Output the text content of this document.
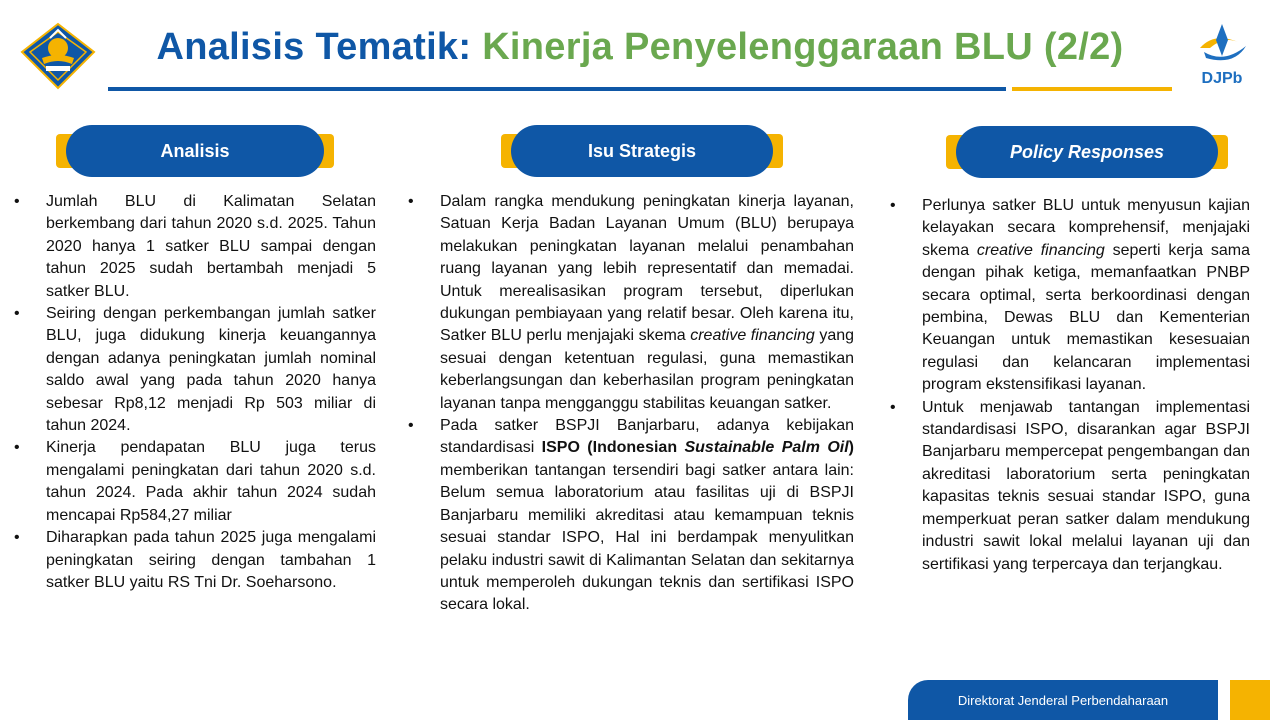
Analisis Tematik: Kinerja Penyelenggaraan BLU (2/2)
DJPb
Analisis	Isu Strategis	Policy Responses
• Jumlah BLU di Kalimatan Selatan berkembang dari tahun 2020 s.d. 2025. Tahun 2020 hanya 1 satker BLU sampai dengan tahun 2025 sudah bertambah menjadi 5 satker BLU.
• Seiring dengan perkembangan jumlah satker BLU, juga didukung kinerja keuangannya dengan adanya peningkatan jumlah nominal saldo awal yang pada tahun 2020 hanya sebesar Rp8,12 menjadi Rp 503 miliar di tahun 2024.
• Kinerja pendapatan BLU juga terus mengalami peningkatan dari tahun 2020 s.d. tahun 2024. Pada akhir tahun 2024 sudah mencapai Rp584,27 miliar
• Diharapkan pada tahun 2025 juga mengalami peningkatan seiring dengan tambahan 1 satker BLU yaitu RS Tni Dr. Soeharsono.
• Dalam rangka mendukung peningkatan kinerja layanan, Satuan Kerja Badan Layanan Umum (BLU) berupaya melakukan peningkatan layanan melalui penambahan ruang layanan yang lebih representatif dan memadai. Untuk merealisasikan program tersebut, diperlukan dukungan pembiayaan yang relatif besar. Oleh karena itu, Satker BLU perlu menjajaki skema creative financing yang sesuai dengan ketentuan regulasi, guna memastikan keberlangsungan dan keberhasilan program peningkatan layanan tanpa mengganggu stabilitas keuangan satker.
• Pada satker BSPJI Banjarbaru, adanya kebijakan standardisasi ISPO (Indonesian Sustainable Palm Oil) memberikan tantangan tersendiri bagi satker antara lain: Belum semua laboratorium atau fasilitas uji di BSPJI Banjarbaru memiliki akreditasi atau kemampuan teknis sesuai standar ISPO, Hal ini berdampak menyulitkan pelaku industri sawit di Kalimantan Selatan dan sekitarnya untuk memperoleh dukungan teknis dan sertifikasi ISPO secara lokal.
• Perlunya satker BLU untuk menyusun kajian kelayakan secara komprehensif, menjajaki skema creative financing seperti kerja sama dengan pihak ketiga, memanfaatkan PNBP secara optimal, serta berkoordinasi dengan pembina, Dewas BLU dan Kementerian Keuangan untuk memastikan kesesuaian regulasi dan kelancaran implementasi program ekstensifikasi layanan.
• Untuk menjawab tantangan implementasi standardisasi ISPO, disarankan agar BSPJI Banjarbaru mempercepat pengembangan dan akreditasi laboratorium serta peningkatan kapasitas teknis sesuai standar ISPO, guna memperkuat peran satker dalam mendukung industri sawit lokal melalui layanan uji dan sertifikasi yang terpercaya dan terjangkau.
Direktorat Jenderal Perbendaharaan
